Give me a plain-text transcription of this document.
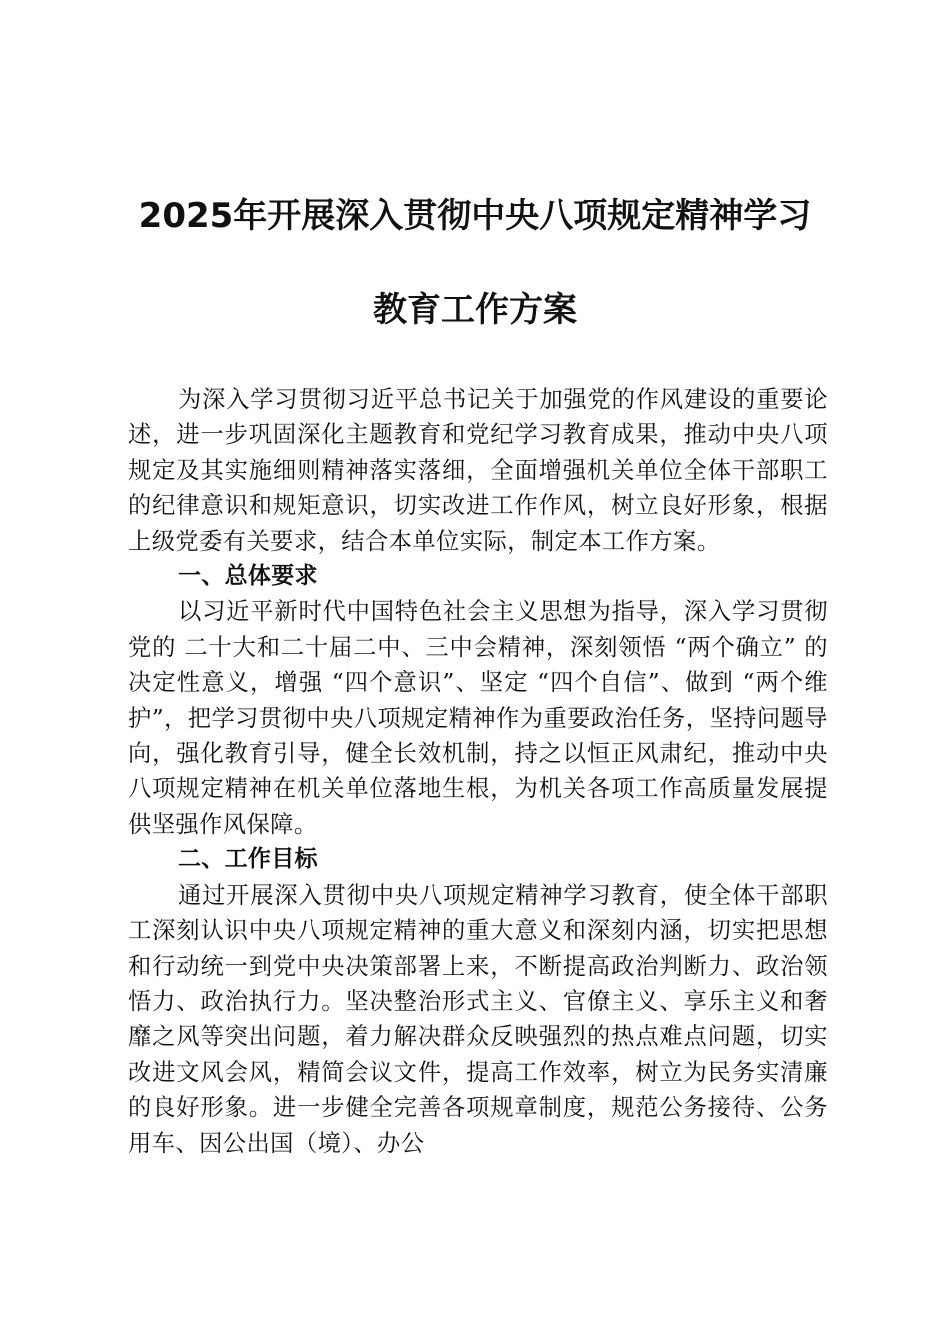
2025年开展深入贯彻中央八项规定精神学习
教育工作方案

为深入学习贯彻习近平总书记关于加强党的作风建设的重要论述，进一步巩固深化主题教育和党纪学习教育成果，推动中央八项规定及其实施细则精神落实落细，全面增强机关单位全体干部职工的纪律意识和规矩意识，切实改进工作作风，树立良好形象，根据上级党委有关要求，结合本单位实际，制定本工作方案。

一、总体要求

以习近平新时代中国特色社会主义思想为指导，深入学习贯彻党的 二十大和二十届二中、三中会精神，深刻领悟 “两个确立” 的决定性意义，增强 “四个意识”、坚定 “四个自信”、做到 “两个维护”，把学习贯彻中央八项规定精神作为重要政治任务，坚持问题导向，强化教育引导，健全长效机制，持之以恒正风肃纪，推动中央八项规定精神在机关单位落地生根，为机关各项工作高质量发展提供坚强作风保障。

二、工作目标

通过开展深入贯彻中央八项规定精神学习教育，使全体干部职工深刻认识中央八项规定精神的重大意义和深刻内涵，切实把思想和行动统一到党中央决策部署上来，不断提高政治判断力、政治领悟力、政治执行力。坚决整治形式主义、官僚主义、享乐主义和奢靡之风等突出问题，着力解决群众反映强烈的热点难点问题，切实改进文风会风，精简会议文件，提高工作效率，树立为民务实清廉的良好形象。进一步健全完善各项规章制度，规范公务接待、公务用车、因公出国（境）、办公
